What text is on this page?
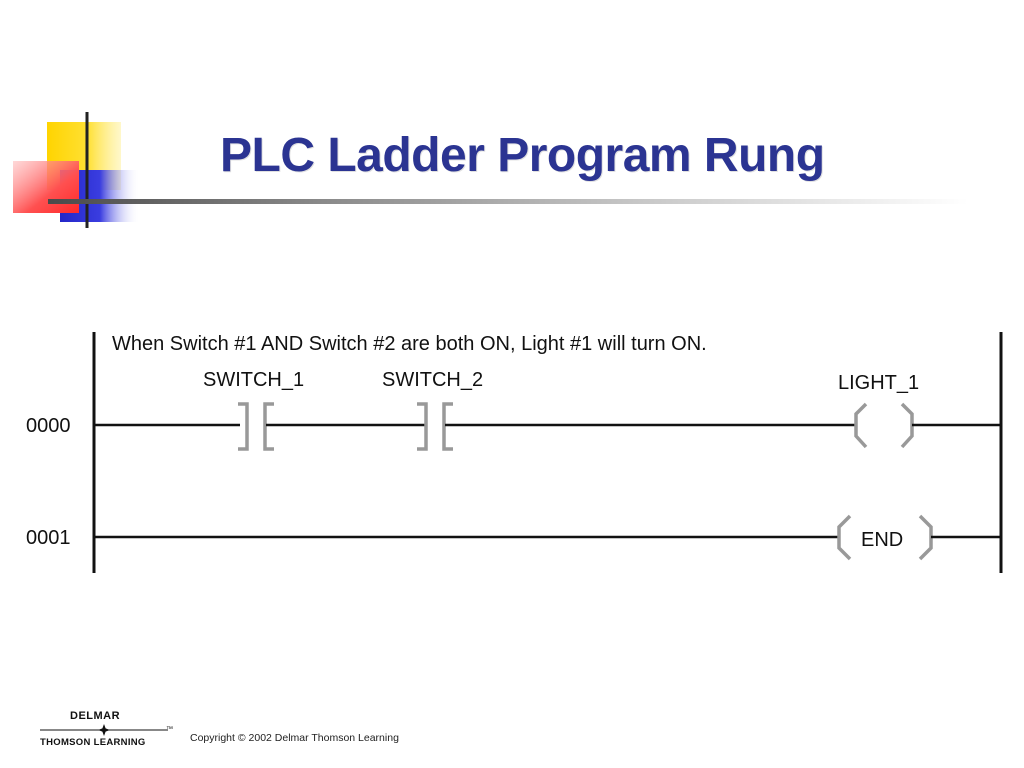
PLC Ladder Program Rung
When Switch #1 AND Switch #2 are both ON, Light #1 will turn ON.
0000
SWITCH_1	SWITCH_2	LIGHT_1
0001	END
DELMAR
THOMSON LEARNING
™
Copyright © 2002 Delmar Thomson Learning
